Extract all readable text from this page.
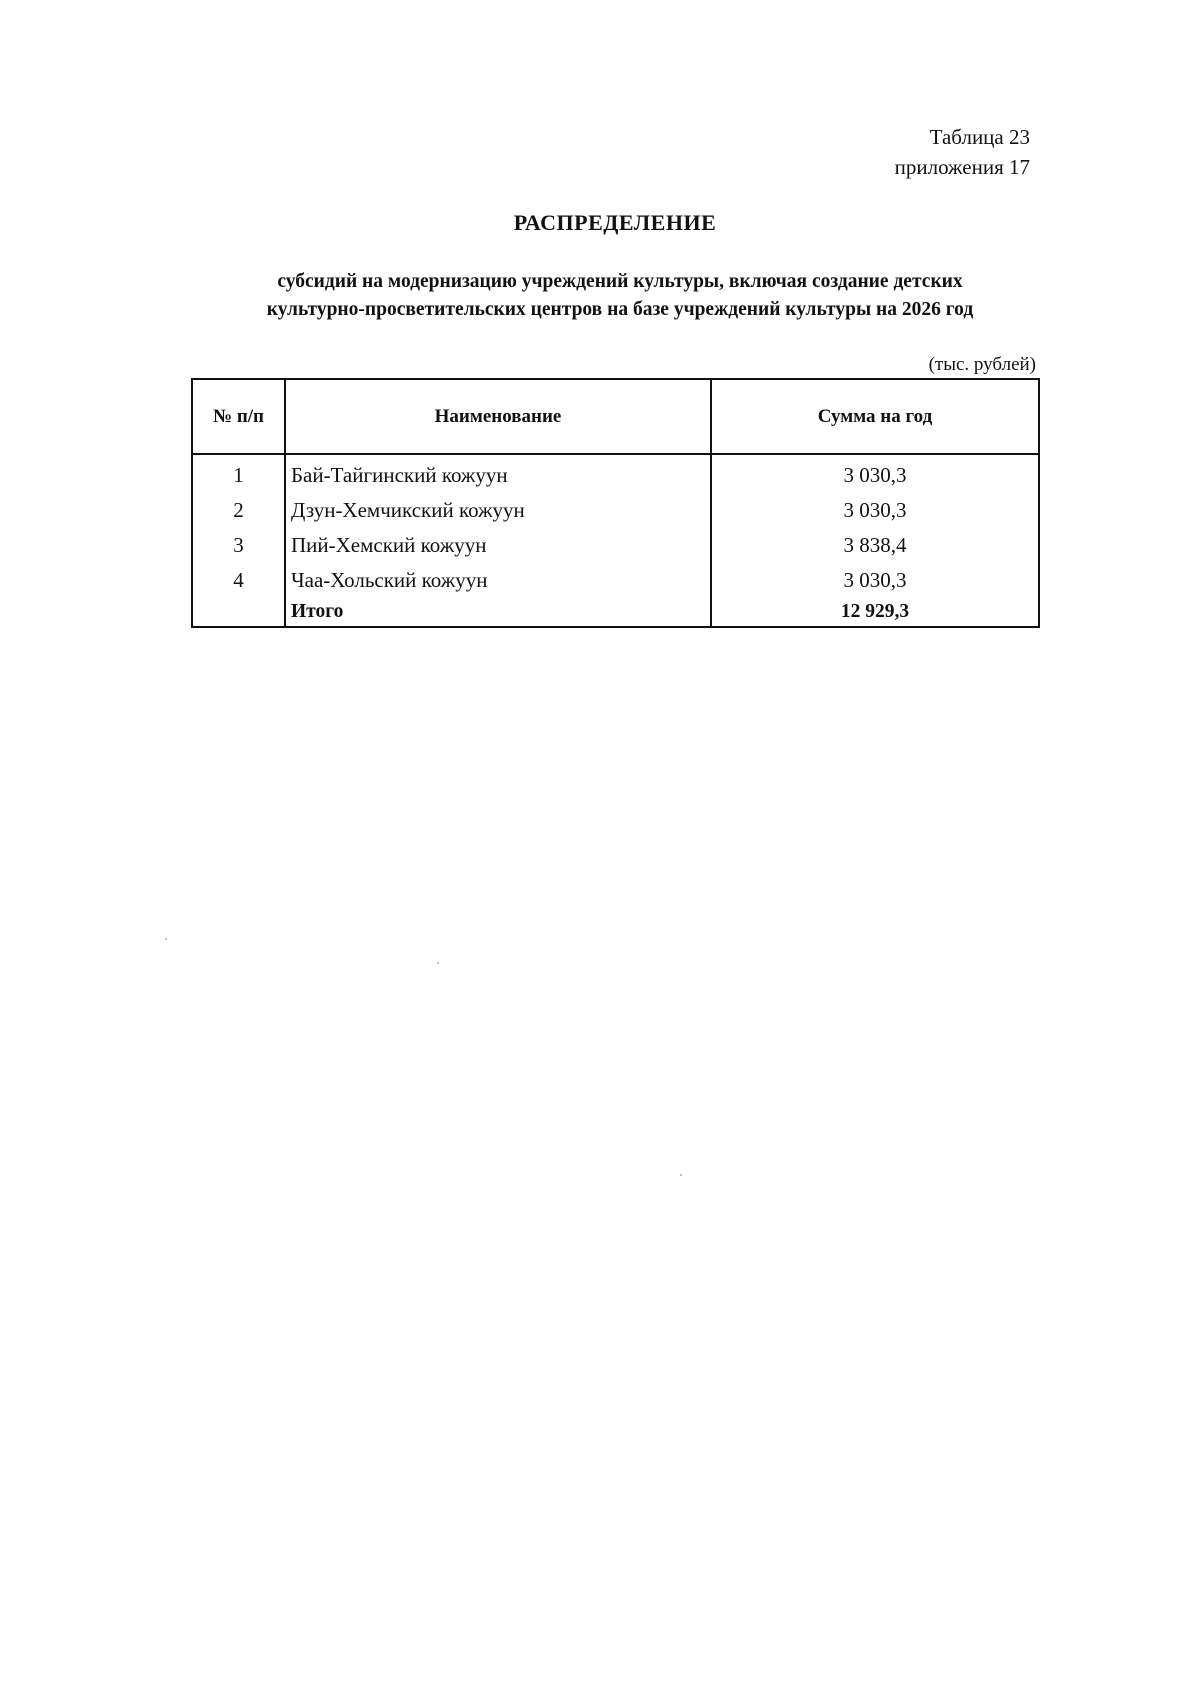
Таблица 23
приложения 17
РАСПРЕДЕЛЕНИЕ
субсидий на модернизацию учреждений культуры, включая создание детских
культурно-просветительских центров на базе учреждений культуры на 2026 год
(тыс. рублей)
№ п/п	Наименование	Сумма на год
1	Бай-Тайгинский кожуун	3 030,3
2	Дзун-Хемчикский кожуун	3 030,3
3	Пий-Хемский кожуун	3 838,4
4	Чаа-Хольский кожуун	3 030,3
	Итого	12 929,3
